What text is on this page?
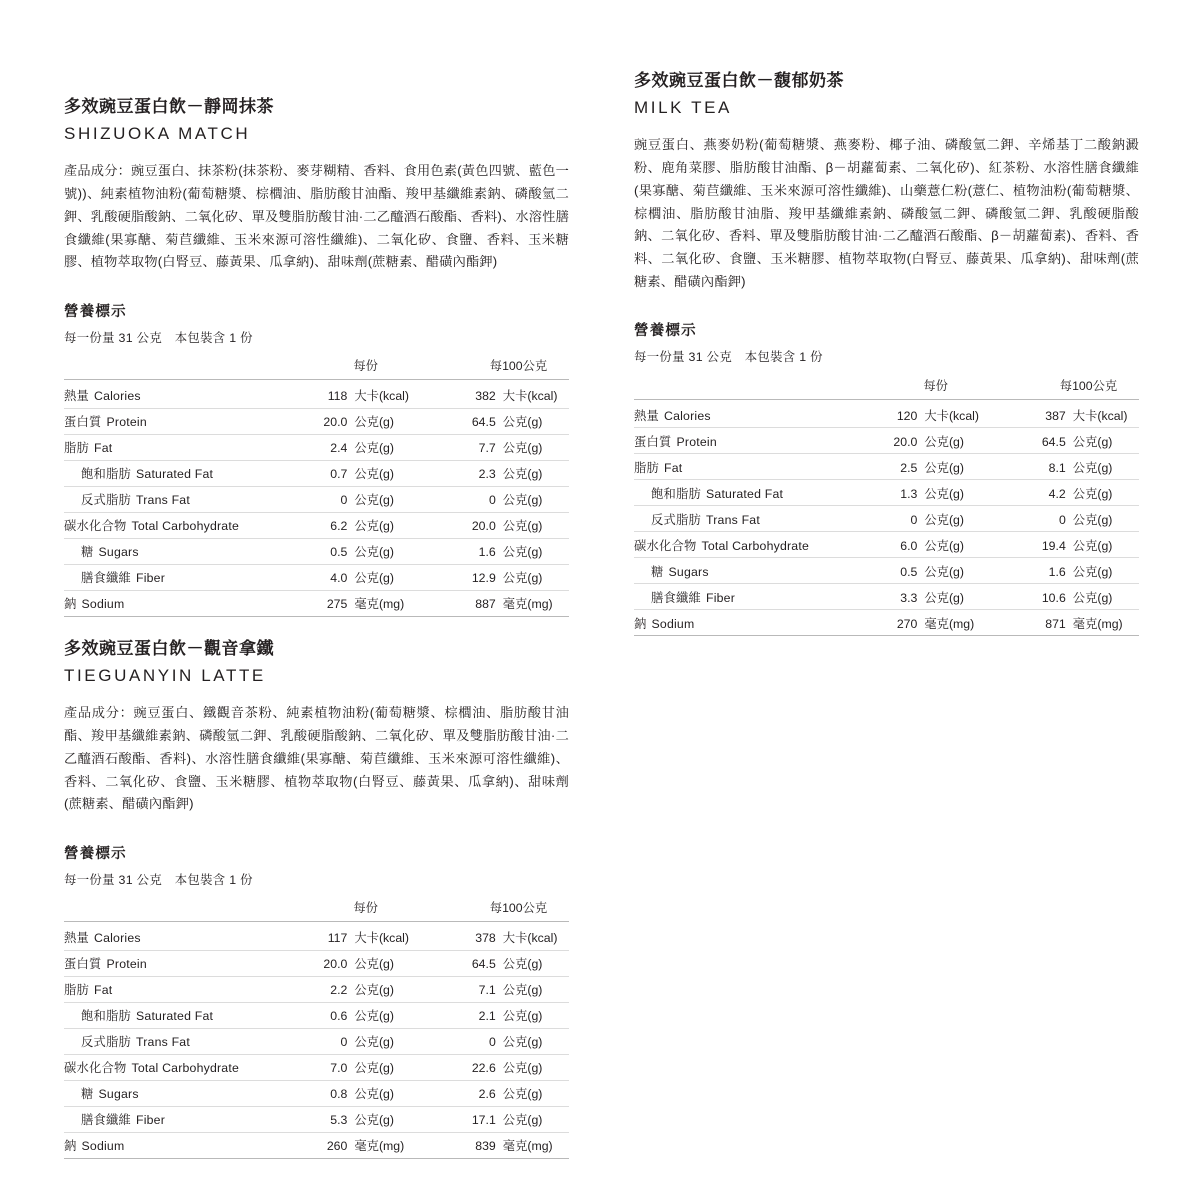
多效豌豆蛋白飲－靜岡抹茶
SHIZUOKA MATCH

產品成分：豌豆蛋白、抹茶粉(抹茶粉、麥芽糊精、香料、食用色素(黃色四號、藍色一號))、純素植物油粉(葡萄糖漿、棕櫚油、脂肪酸甘油酯、羧甲基纖維素鈉、磷酸氫二鉀、乳酸硬脂酸鈉、二氧化矽、單及雙脂肪酸甘油·二乙醯酒石酸酯、香料)、水溶性膳食纖維(果寡醣、菊苣纖維、玉米來源可溶性纖維)、二氧化矽、食鹽、香料、玉米糖膠、植物萃取物(白腎豆、藤黃果、瓜拿納)、甜味劑(蔗糖素、醋磺內酯鉀)

營養標示
每一份量 31 公克　本包裝含 1 份

	每份	每100公克

熱量 Calories	118 大卡(kcal)	382 大卡(kcal)

蛋白質 Protein	20.0 公克(g)	64.5 公克(g)

脂肪 Fat	2.4 公克(g)	7.7 公克(g)

飽和脂肪 Saturated Fat	0.7 公克(g)	2.3 公克(g)

反式脂肪 Trans Fat	0 公克(g)	0 公克(g)

碳水化合物 Total Carbohydrate	6.2 公克(g)	20.0 公克(g)

糖 Sugars	0.5 公克(g)	1.6 公克(g)

膳食纖維 Fiber	4.0 公克(g)	12.9 公克(g)

鈉 Sodium	275 毫克(mg)	887 毫克(mg)
多效豌豆蛋白飲－馥郁奶茶
MILK TEA

豌豆蛋白、燕麥奶粉(葡萄糖漿、燕麥粉、椰子油、磷酸氫二鉀、辛烯基丁二酸鈉澱粉、鹿角菜膠、脂肪酸甘油酯、β－胡蘿蔔素、二氧化矽)、紅茶粉、水溶性膳食纖維(果寡醣、菊苣纖維、玉米來源可溶性纖維)、山藥薏仁粉(薏仁、植物油粉(葡萄糖漿、棕櫚油、脂肪酸甘油脂、羧甲基纖維素鈉、磷酸氫二鉀、磷酸氫二鉀、乳酸硬脂酸鈉、二氧化矽、香料、單及雙脂肪酸甘油·二乙醯酒石酸酯、β－胡蘿蔔素)、香料、香料、二氧化矽、食鹽、玉米糖膠、植物萃取物(白腎豆、藤黃果、瓜拿納)、甜味劑(蔗糖素、醋磺內酯鉀)

營養標示
每一份量 31 公克　本包裝含 1 份

	每份	每100公克

熱量 Calories	120 大卡(kcal)	387 大卡(kcal)

蛋白質 Protein	20.0 公克(g)	64.5 公克(g)

脂肪 Fat	2.5 公克(g)	8.1 公克(g)

飽和脂肪 Saturated Fat	1.3 公克(g)	4.2 公克(g)

反式脂肪 Trans Fat	0 公克(g)	0 公克(g)

碳水化合物 Total Carbohydrate	6.0 公克(g)	19.4 公克(g)

糖 Sugars	0.5 公克(g)	1.6 公克(g)

膳食纖維 Fiber	3.3 公克(g)	10.6 公克(g)

鈉 Sodium	270 毫克(mg)	871 毫克(mg)
多效豌豆蛋白飲－觀音拿鐵
TIEGUANYIN LATTE

產品成分：豌豆蛋白、鐵觀音茶粉、純素植物油粉(葡萄糖漿、棕櫚油、脂肪酸甘油酯、羧甲基纖維素鈉、磷酸氫二鉀、乳酸硬脂酸鈉、二氧化矽、單及雙脂肪酸甘油·二乙醯酒石酸酯、香料)、水溶性膳食纖維(果寡醣、菊苣纖維、玉米來源可溶性纖維)、香料、二氧化矽、食鹽、玉米糖膠、植物萃取物(白腎豆、藤黃果、瓜拿納)、甜味劑(蔗糖素、醋磺內酯鉀)

營養標示
每一份量 31 公克　本包裝含 1 份

	每份	每100公克

熱量 Calories	117 大卡(kcal)	378 大卡(kcal)

蛋白質 Protein	20.0 公克(g)	64.5 公克(g)

脂肪 Fat	2.2 公克(g)	7.1 公克(g)

飽和脂肪 Saturated Fat	0.6 公克(g)	2.1 公克(g)

反式脂肪 Trans Fat	0 公克(g)	0 公克(g)

碳水化合物 Total Carbohydrate	7.0 公克(g)	22.6 公克(g)

糖 Sugars	0.8 公克(g)	2.6 公克(g)

膳食纖維 Fiber	5.3 公克(g)	17.1 公克(g)

鈉 Sodium	260 毫克(mg)	839 毫克(mg)
